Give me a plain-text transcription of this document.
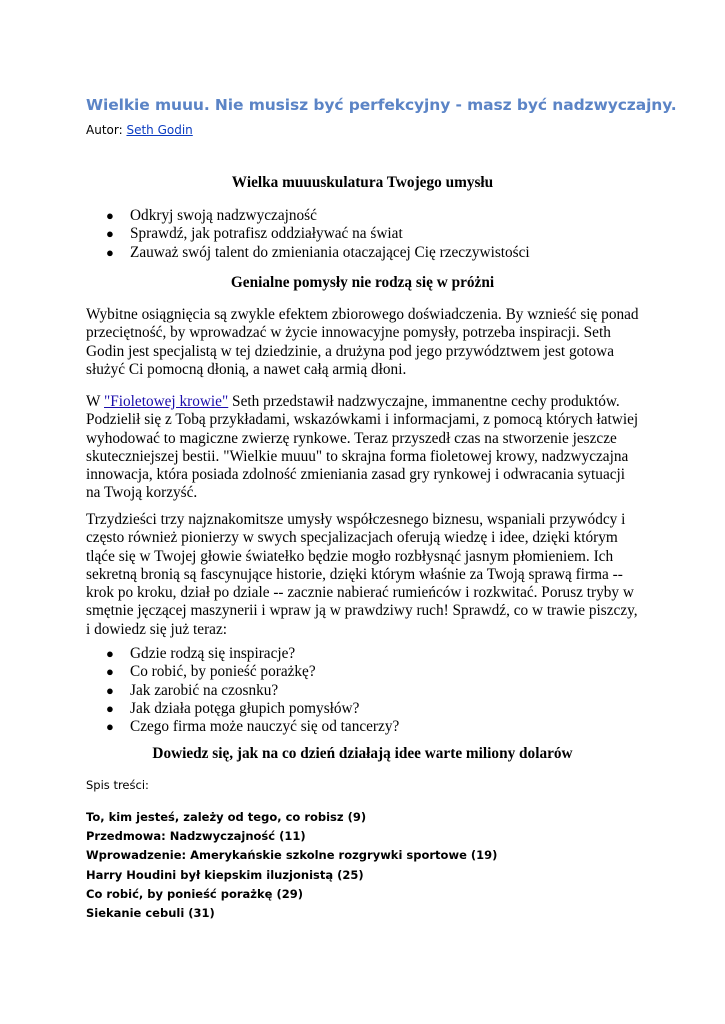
Wielkie muuu. Nie musisz być perfekcyjny - masz być nadzwyczajny.
Autor: Seth Godin
Wielka muuuskulatura Twojego umysłu
● Odkryj swoją nadzwyczajność
● Sprawdź, jak potrafisz oddziaływać na świat
● Zauważ swój talent do zmieniania otaczającej Cię rzeczywistości
Genialne pomysły nie rodzą się w próżni
Wybitne osiągnięcia są zwykle efektem zbiorowego doświadczenia. By wznieść się ponad przeciętność, by wprowadzać w życie innowacyjne pomysły, potrzeba inspiracji. Seth Godin jest specjalistą w tej dziedzinie, a drużyna pod jego przywództwem jest gotowa służyć Ci pomocną dłonią, a nawet całą armią dłoni.
W "Fioletowej krowie" Seth przedstawił nadzwyczajne, immanentne cechy produktów. Podzielił się z Tobą przykładami, wskazówkami i informacjami, z pomocą których łatwiej wyhodować to magiczne zwierzę rynkowe. Teraz przyszedł czas na stworzenie jeszcze skuteczniejszej bestii. "Wielkie muuu" to skrajna forma fioletowej krowy, nadzwyczajna innowacja, która posiada zdolność zmieniania zasad gry rynkowej i odwracania sytuacji na Twoją korzyść.
Trzydzieści trzy najznakomitsze umysły współczesnego biznesu, wspaniali przywódcy i często również pionierzy w swych specjalizacjach oferują wiedzę i idee, dzięki którym tląće się w Twojej głowie światełko będzie mogło rozbłysnąć jasnym płomieniem. Ich sekretną bronią są fascynujące historie, dzięki którym właśnie za Twoją sprawą firma -- krok po kroku, dział po dziale -- zacznie nabierać rumieńców i rozkwitać. Porusz tryby w smętnie jęczącej maszynerii i wpraw ją w prawdziwy ruch! Sprawdź, co w trawie piszczy, i dowiedz się już teraz:
● Gdzie rodzą się inspiracje?
● Co robić, by ponieść porażkę?
● Jak zarobić na czosnku?
● Jak działa potęga głupich pomysłów?
● Czego firma może nauczyć się od tancerzy?
Dowiedz się, jak na co dzień działają idee warte miliony dolarów
Spis treści:
To, kim jesteś, zależy od tego, co robisz (9)
Przedmowa: Nadzwyczajność (11)
Wprowadzenie: Amerykańskie szkolne rozgrywki sportowe (19)
Harry Houdini był kiepskim iluzjonistą (25)
Co robić, by ponieść porażkę (29)
Siekanie cebuli (31)
